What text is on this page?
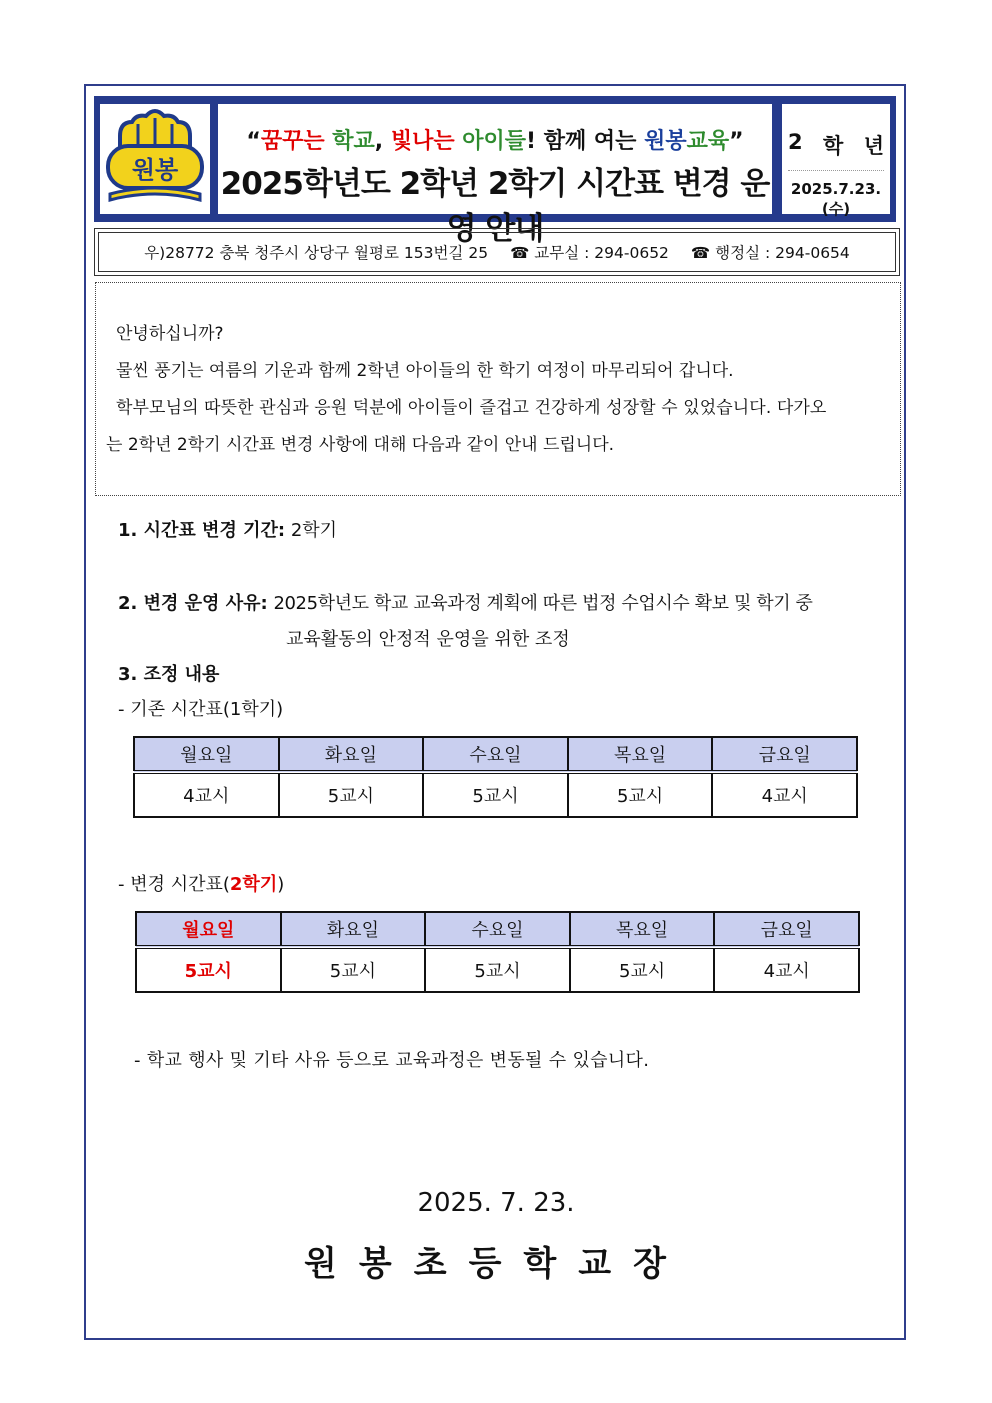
원봉
“꿈꾸는 학교, 빛나는 아이들! 함께 여는 원봉교육”
2025학년도 2학년 2학기 시간표 변경 운영 안내
2 학 년
2025.7.23.(수)
우)28772 충북 청주시 상당구 월평로 153번길 25 ☎ 교무실 : 294-0652 ☎ 행정실 : 294-0654

안녕하십니까?

물씬 풍기는 여름의 기운과 함께 2학년 아이들의 한 학기 여정이 마무리되어 갑니다.

학부모님의 따뜻한 관심과 응원 덕분에 아이들이 즐겁고 건강하게 성장할 수 있었습니다. 다가오

는 2학년 2학기 시간표 변경 사항에 대해 다음과 같이 안내 드립니다.

1. 시간표 변경 기간: 2학기
2. 변경 운영 사유: 2025학년도 학교 교육과정 계획에 따른 법정 수업시수 확보 및 학기 중
교육활동의 안정적 운영을 위한 조정
3. 조정 내용
- 기존 시간표(1학기)
월요일	화요일	수요일	목요일	금요일
4교시	5교시	5교시	5교시	4교시
- 변경 시간표(2학기)
월요일	화요일	수요일	목요일	금요일
5교시	5교시	5교시	5교시	4교시
- 학교 행사 및 기타 사유 등으로 교육과정은 변동될 수 있습니다.
2025. 7. 23.
원봉초등학교장
